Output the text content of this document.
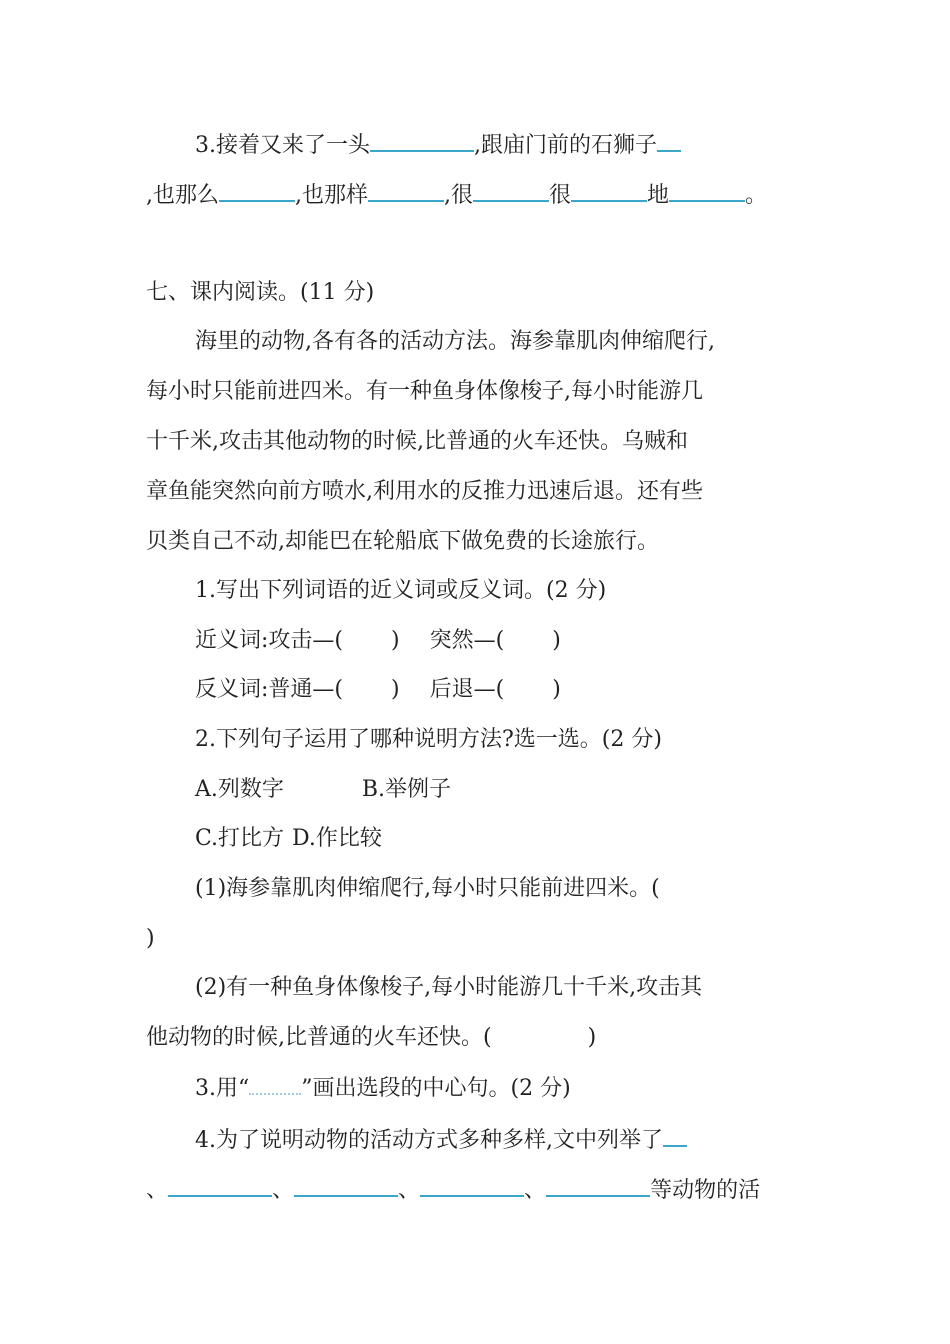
3.接着又来了一头	,跟庙门前的石狮子
,也那么	,也那样	,很	很	地	。
七、课内阅读。(11 分)
海里的动物,各有各的活动方法。海参靠肌肉伸缩爬行,
每小时只能前进四米。有一种鱼身体像梭子,每小时能游几
十千米,攻击其他动物的时候,比普通的火车还快。乌贼和
章鱼能突然向前方喷水,利用水的反推力迅速后退。还有些
贝类自己不动,却能巴在轮船底下做免费的长途旅行。
1.写出下列词语的近义词或反义词。(2 分)
近义词:攻击—( ) 突然—( )
反义词:普通—( ) 后退—( )
2.下列句子运用了哪种说明方法?选一选。(2 分)
A.列数字	B.举例子
C.打比方 D.作比较
(1)海参靠肌肉伸缩爬行,每小时只能前进四米。(
)
(2)有一种鱼身体像梭子,每小时能游几十千米,攻击其
他动物的时候,比普通的火车还快。(	)
3.用“ ”画出选段的中心句。(2 分)
4.为了说明动物的活动方式多种多样,文中列举了
、	、	、	、	等动物的活
